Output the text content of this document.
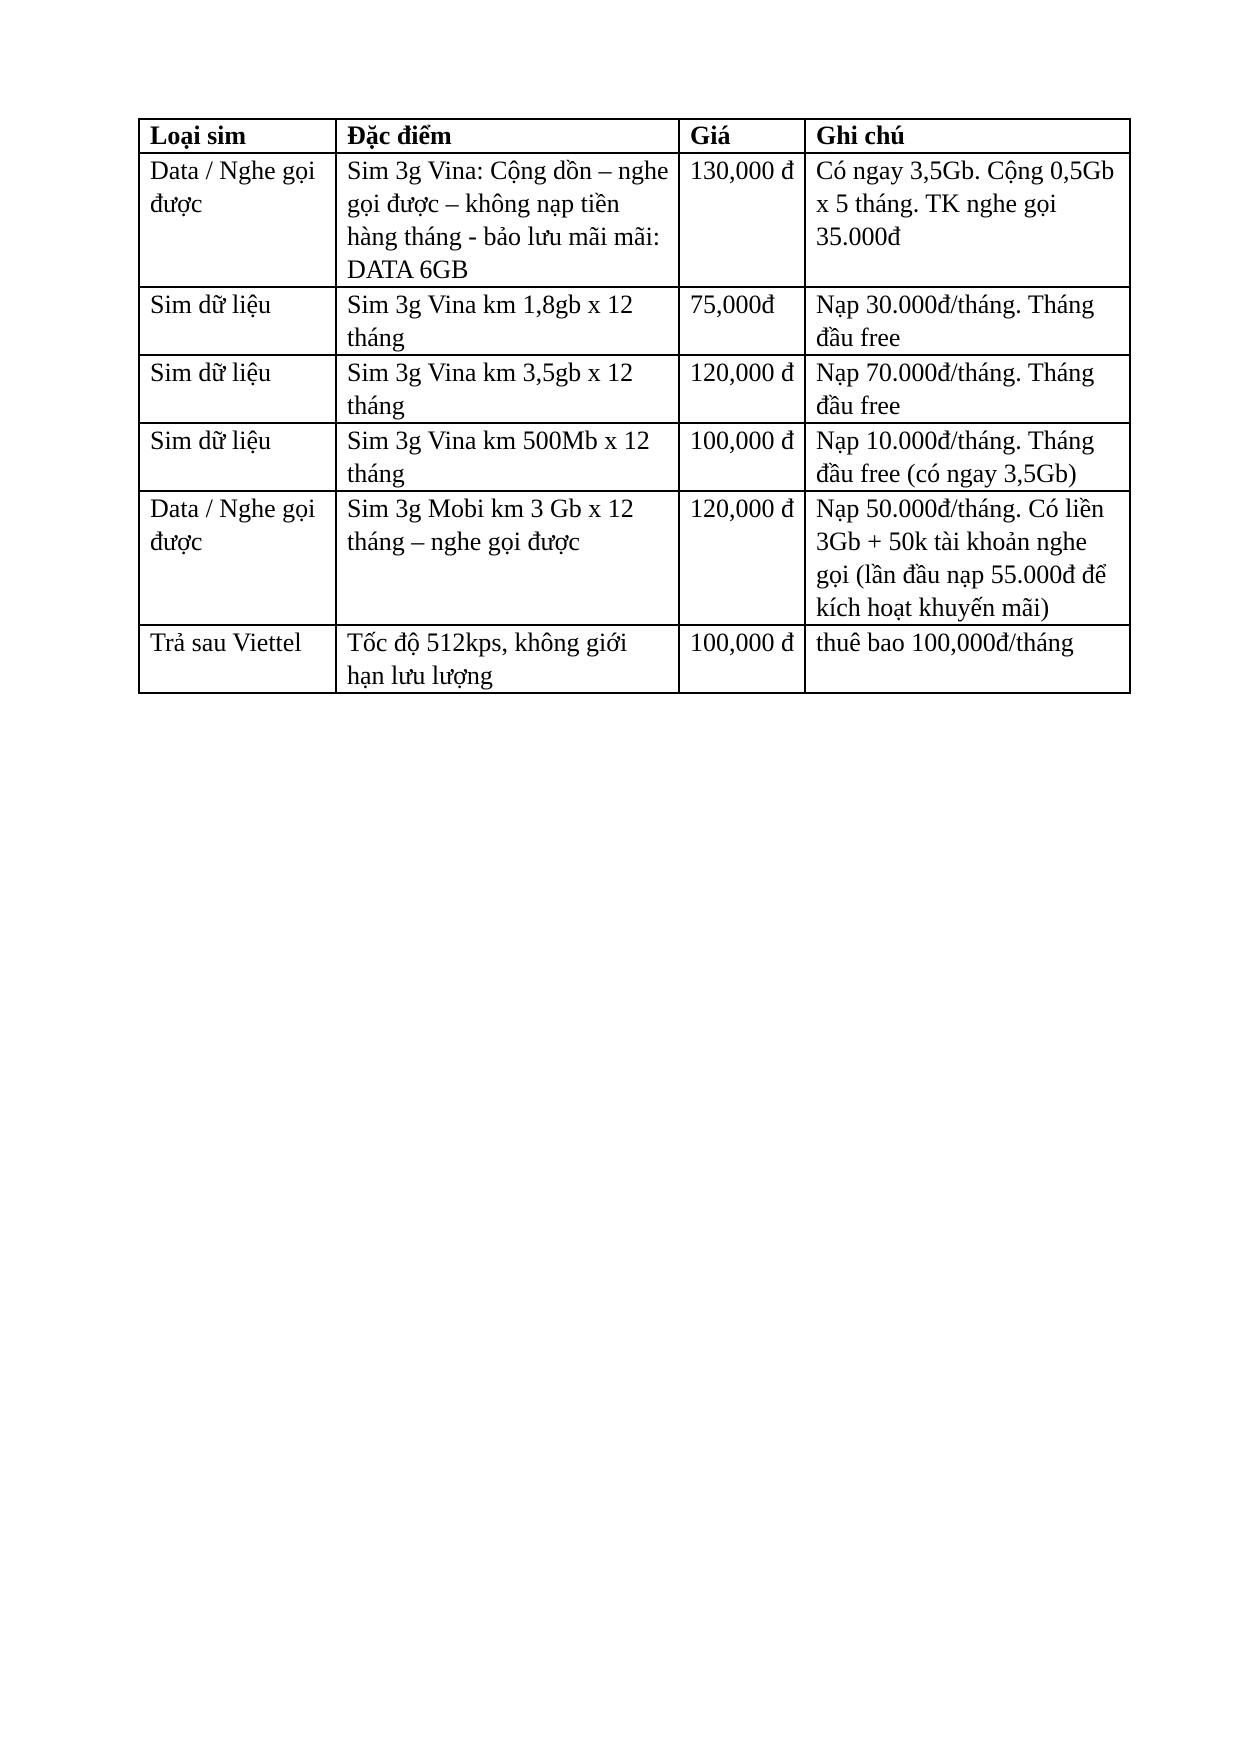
Loại sim	Đặc điểm	Giá	Ghi chú
Data / Nghe gọi được	Sim 3g Vina: Cộng dồn – nghe gọi được – không nạp tiền hàng tháng - bảo lưu mãi mãi: DATA 6GB	130,000 đ	Có ngay 3,5Gb. Cộng 0,5Gb x 5 tháng. TK nghe gọi 35.000đ
Sim dữ liệu	Sim 3g Vina km 1,8gb x 12 tháng	75,000đ	Nạp 30.000đ/tháng. Tháng đầu free
Sim dữ liệu	Sim 3g Vina km 3,5gb x 12 tháng	120,000 đ	Nạp 70.000đ/tháng. Tháng đầu free
Sim dữ liệu	Sim 3g Vina km 500Mb x 12 tháng	100,000 đ	Nạp 10.000đ/tháng. Tháng đầu free (có ngay 3,5Gb)
Data / Nghe gọi được	Sim 3g Mobi km 3 Gb x 12 tháng – nghe gọi được	120,000 đ	Nạp 50.000đ/tháng. Có liền 3Gb + 50k tài khoản nghe gọi (lần đầu nạp 55.000đ để kích hoạt khuyến mãi)
Trả sau Viettel	Tốc độ 512kps, không giới hạn lưu lượng	100,000 đ	thuê bao 100,000đ/tháng
